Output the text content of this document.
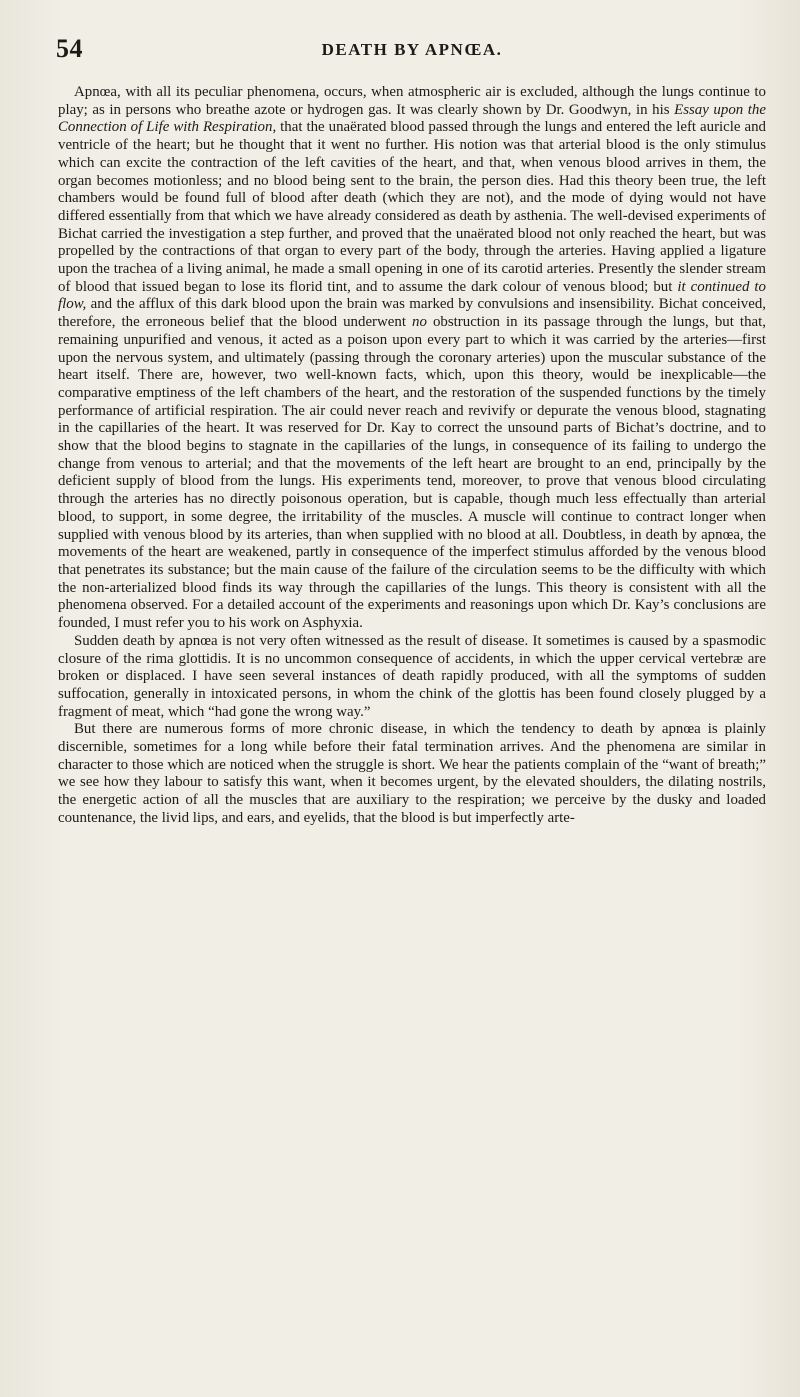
54	DEATH BY APNŒA.

Apnœa, with all its peculiar phenomena, occurs, when atmospheric air is excluded, although the lungs continue to play; as in persons who breathe azote or hydrogen gas. It was clearly shown by Dr. Goodwyn, in his Essay upon the Connection of Life with Respiration, that the unaërated blood passed through the lungs and entered the left auricle and ventricle of the heart; but he thought that it went no further. His notion was that arterial blood is the only stimulus which can excite the contraction of the left cavities of the heart, and that, when venous blood arrives in them, the organ becomes motionless; and no blood being sent to the brain, the person dies. Had this theory been true, the left chambers would be found full of blood after death (which they are not), and the mode of dying would not have differed essentially from that which we have already considered as death by asthenia. The well-devised experiments of Bichat carried the investigation a step further, and proved that the unaërated blood not only reached the heart, but was propelled by the contractions of that organ to every part of the body, through the arteries. Having applied a ligature upon the trachea of a living animal, he made a small opening in one of its carotid arteries. Presently the slender stream of blood that issued began to lose its florid tint, and to assume the dark colour of venous blood; but it continued to flow, and the afflux of this dark blood upon the brain was marked by convulsions and insensibility. Bichat conceived, therefore, the erroneous belief that the blood underwent no obstruction in its passage through the lungs, but that, remaining unpurified and venous, it acted as a poison upon every part to which it was carried by the arteries—first upon the nervous system, and ultimately (passing through the coronary arteries) upon the muscular substance of the heart itself. There are, however, two well-known facts, which, upon this theory, would be inexplicable—the comparative emptiness of the left chambers of the heart, and the restoration of the suspended functions by the timely performance of artificial respiration. The air could never reach and revivify or depurate the venous blood, stagnating in the capillaries of the heart. It was reserved for Dr. Kay to correct the unsound parts of Bichat’s doctrine, and to show that the blood begins to stagnate in the capillaries of the lungs, in consequence of its failing to undergo the change from venous to arterial; and that the movements of the left heart are brought to an end, principally by the deficient supply of blood from the lungs. His experiments tend, moreover, to prove that venous blood circulating through the arteries has no directly poisonous operation, but is capable, though much less effectually than arterial blood, to support, in some degree, the irritability of the muscles. A muscle will continue to contract longer when supplied with venous blood by its arteries, than when supplied with no blood at all. Doubtless, in death by apnœa, the movements of the heart are weakened, partly in consequence of the imperfect stimulus afforded by the venous blood that penetrates its substance; but the main cause of the failure of the circulation seems to be the difficulty with which the non-arterialized blood finds its way through the capillaries of the lungs. This theory is consistent with all the phenomena observed. For a detailed account of the experiments and reasonings upon which Dr. Kay’s conclusions are founded, I must refer you to his work on Asphyxia.

Sudden death by apnœa is not very often witnessed as the result of disease. It sometimes is caused by a spasmodic closure of the rima glottidis. It is no uncommon consequence of accidents, in which the upper cervical vertebræ are broken or displaced. I have seen several instances of death rapidly produced, with all the symptoms of sudden suffocation, generally in intoxicated persons, in whom the chink of the glottis has been found closely plugged by a fragment of meat, which “had gone the wrong way.”

But there are numerous forms of more chronic disease, in which the tendency to death by apnœa is plainly discernible, sometimes for a long while before their fatal termination arrives. And the phenomena are similar in character to those which are noticed when the struggle is short. We hear the patients complain of the “want of breath;” we see how they labour to satisfy this want, when it becomes urgent, by the elevated shoulders, the dilating nostrils, the energetic action of all the muscles that are auxiliary to the respiration; we perceive by the dusky and loaded countenance, the livid lips, and ears, and eyelids, that the blood is but imperfectly arte-
